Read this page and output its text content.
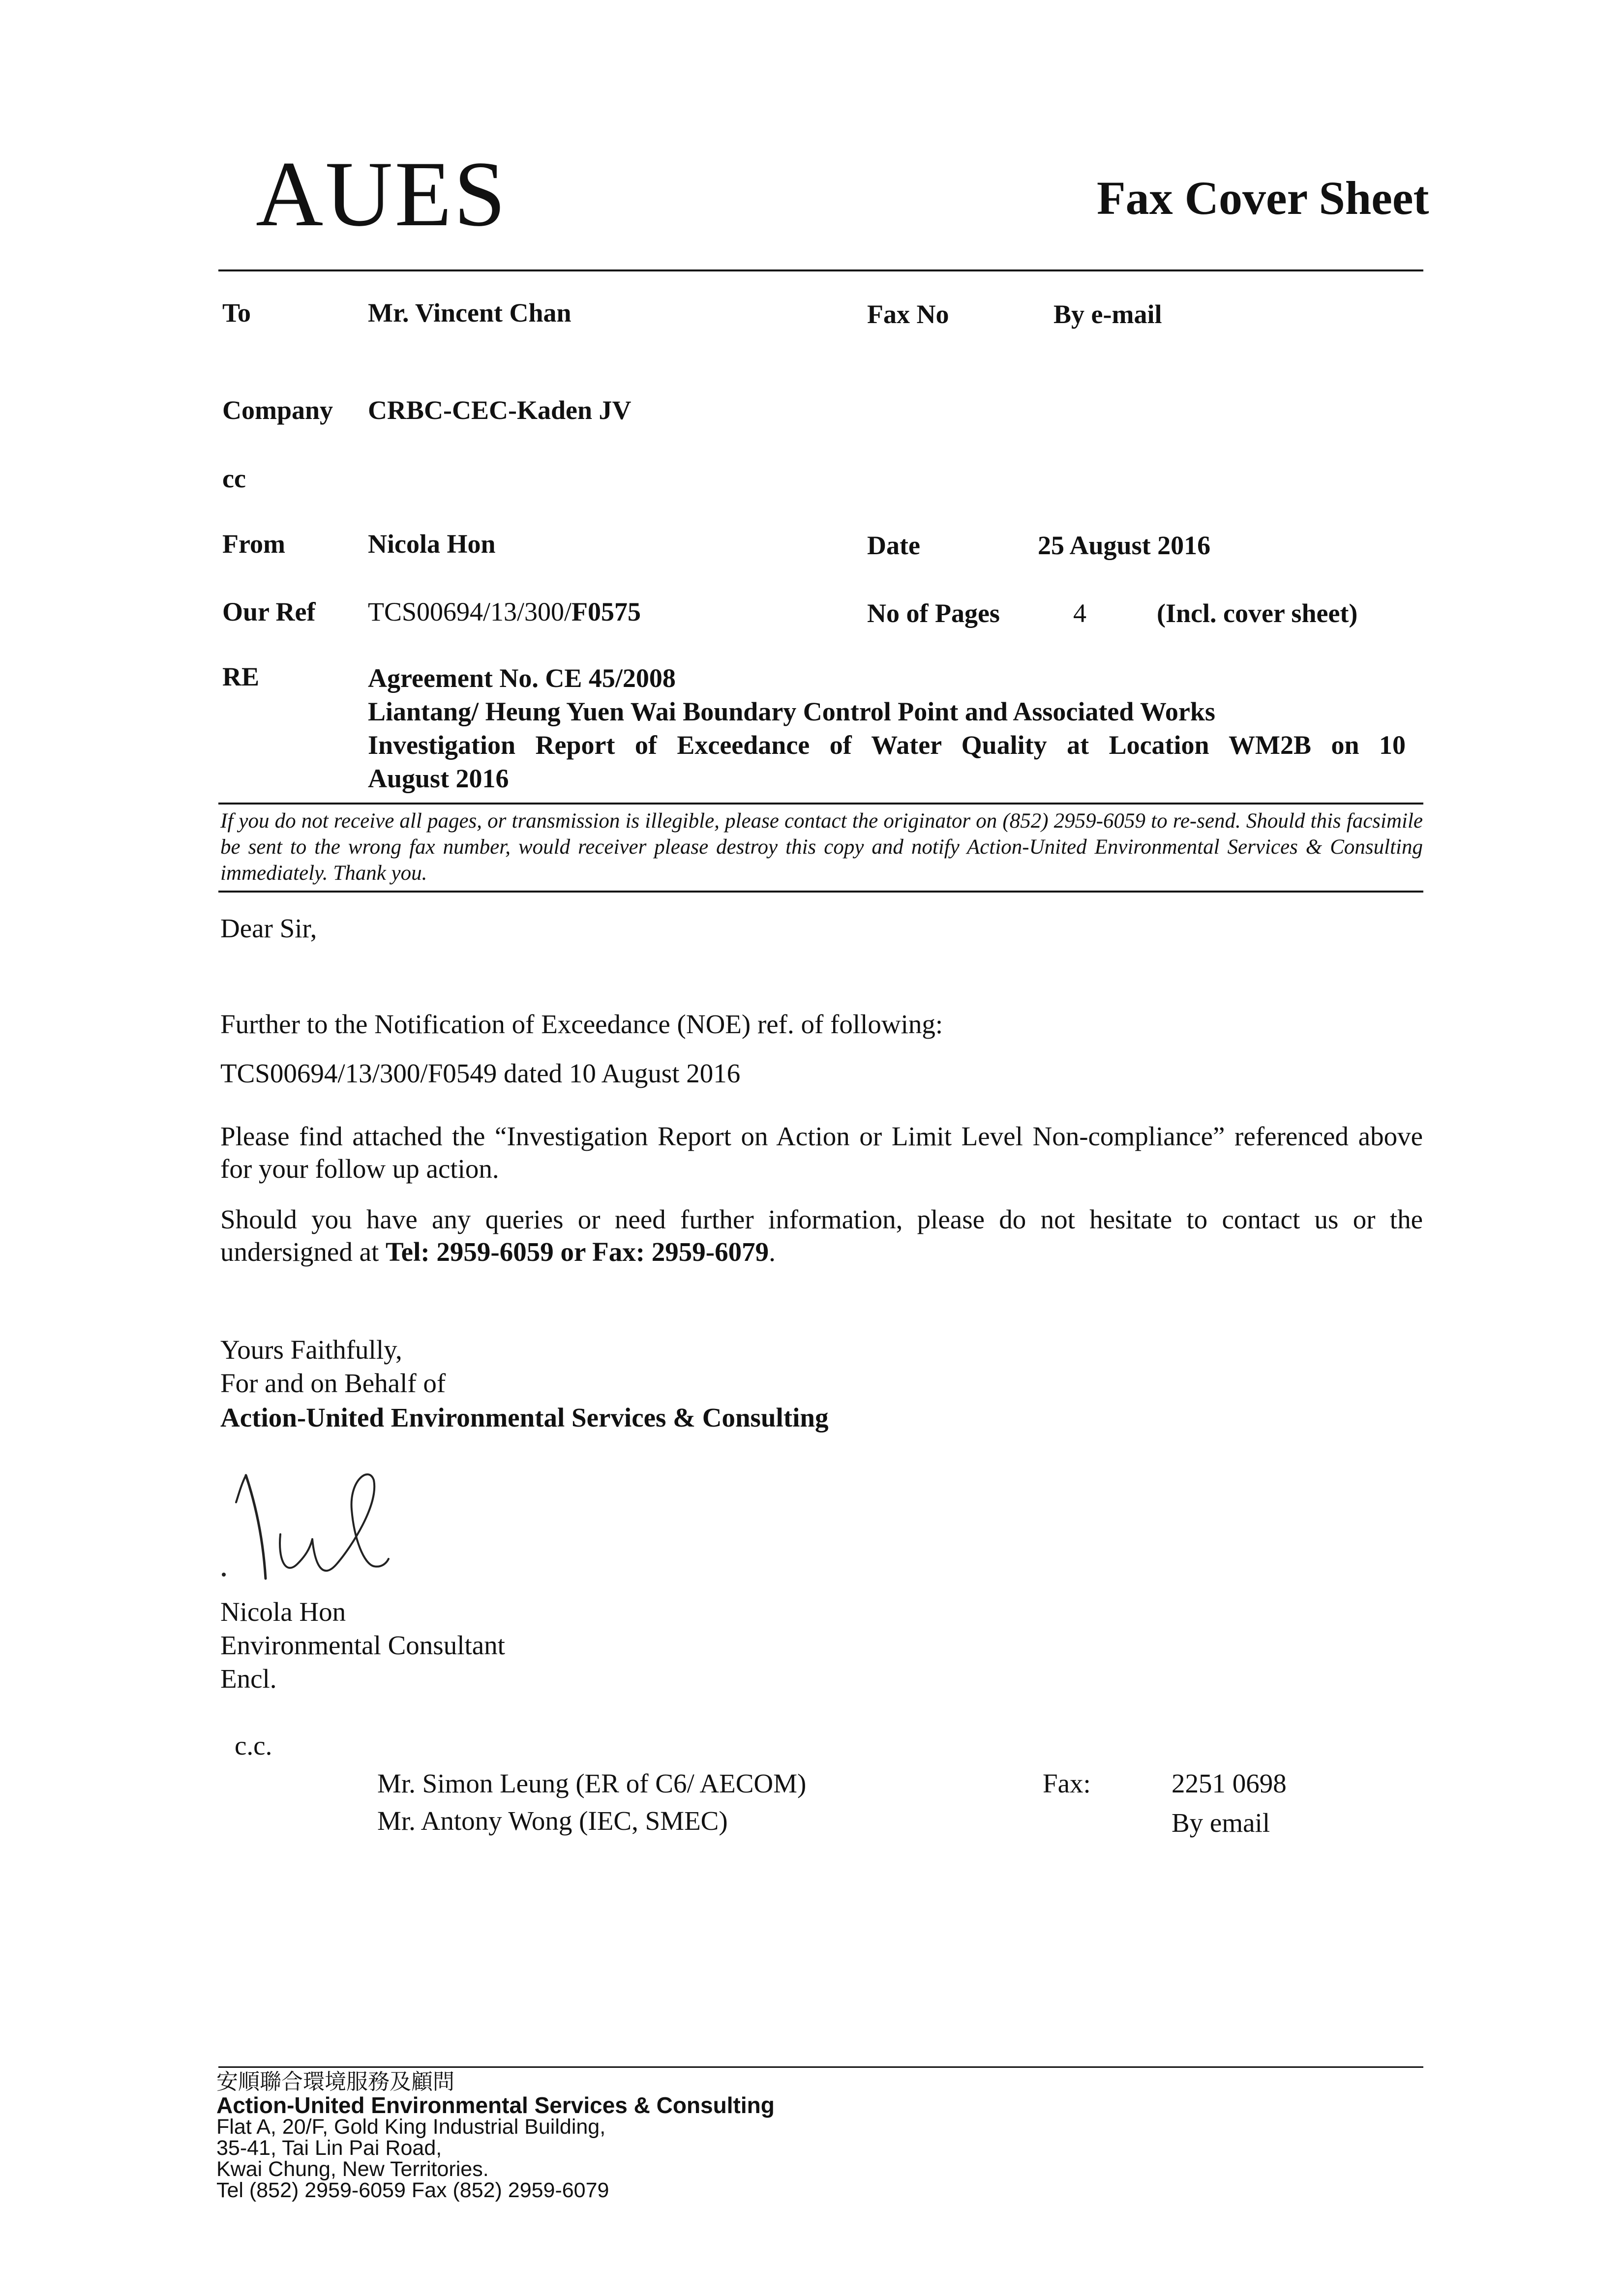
AUES	Fax Cover Sheet
To	Mr. Vincent Chan	Fax No	By e-mail
Company CRBC-CEC-Kaden JV
cc
From	Nicola Hon	Date	25 August 2016
Our Ref TCS00694/13/300/F0575	No of Pages	4	(Incl. cover sheet)
RE	Agreement No. CE 45/2008
Liantang/ Heung Yuen Wai Boundary Control Point and Associated Works
Investigation Report of Exceedance of Water Quality at Location WM2B on 10
August 2016
If you do not receive all pages, or transmission is illegible, please contact the originator on (852) 2959-6059 to re-send. Should this facsimile be sent to the wrong fax number, would receiver please destroy this copy and notify Action-United Environmental Services & Consulting immediately. Thank you.
Dear Sir,
Further to the Notification of Exceedance (NOE) ref. of following:
TCS00694/13/300/F0549 dated 10 August 2016
Please find attached the “Investigation Report on Action or Limit Level Non-compliance” referenced above for your follow up action.
Should you have any queries or need further information, please do not hesitate to contact us or the undersigned at Tel: 2959-6059 or Fax: 2959-6079.
Yours Faithfully,
For and on Behalf of
Action-United Environmental Services & Consulting
Nicola Hon
Environmental Consultant
Encl.
c.c.
Mr. Simon Leung (ER of C6/ AECOM)	Fax:	2251 0698
Mr. Antony Wong (IEC, SMEC)	By email
安順聯合環境服務及顧問
Action-United Environmental Services & Consulting
Flat A, 20/F, Gold King Industrial Building,
35-41, Tai Lin Pai Road,
Kwai Chung, New Territories.
Tel (852) 2959-6059 Fax (852) 2959-6079
